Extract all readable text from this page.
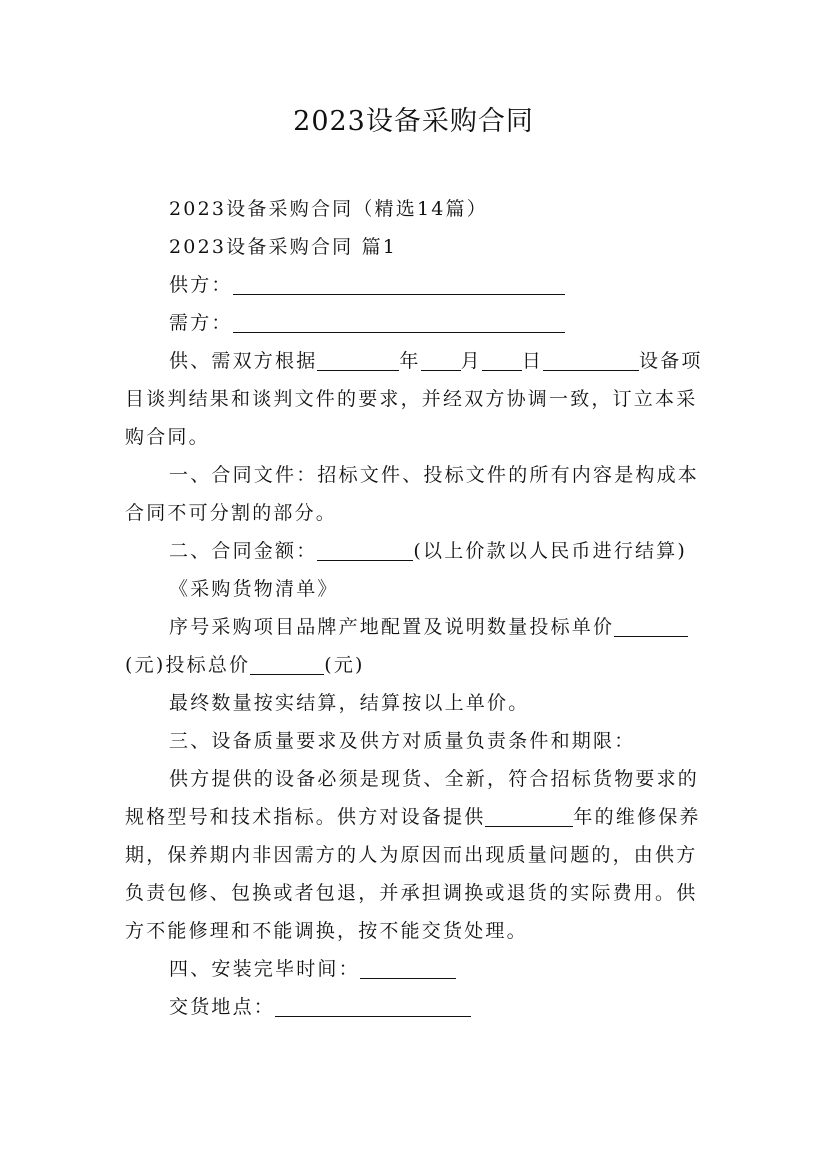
2023设备采购合同

2023设备采购合同（精选14篇）

2023设备采购合同 篇1

供方：

需方：

供、需双方根据	年 月 日	设备项目谈判结果和谈判文件的要求，并经双方协调一致，订立本采购合同。

一、合同文件：招标文件、投标文件的所有内容是构成本合同不可分割的部分。

二、合同金额：	(以上价款以人民币进行结算)

《采购货物清单》

序号采购项目品牌产地配置及说明数量投标单价(元)投标总价	(元)

最终数量按实结算，结算按以上单价。

三、设备质量要求及供方对质量负责条件和期限：

供方提供的设备必须是现货、全新，符合招标货物要求的规格型号和技术指标。供方对设备提供	年的维修保养期，保养期内非因需方的人为原因而出现质量问题的，由供方负责包修、包换或者包退，并承担调换或退货的实际费用。供方不能修理和不能调换，按不能交货处理。

四、安装完毕时间：

交货地点：
